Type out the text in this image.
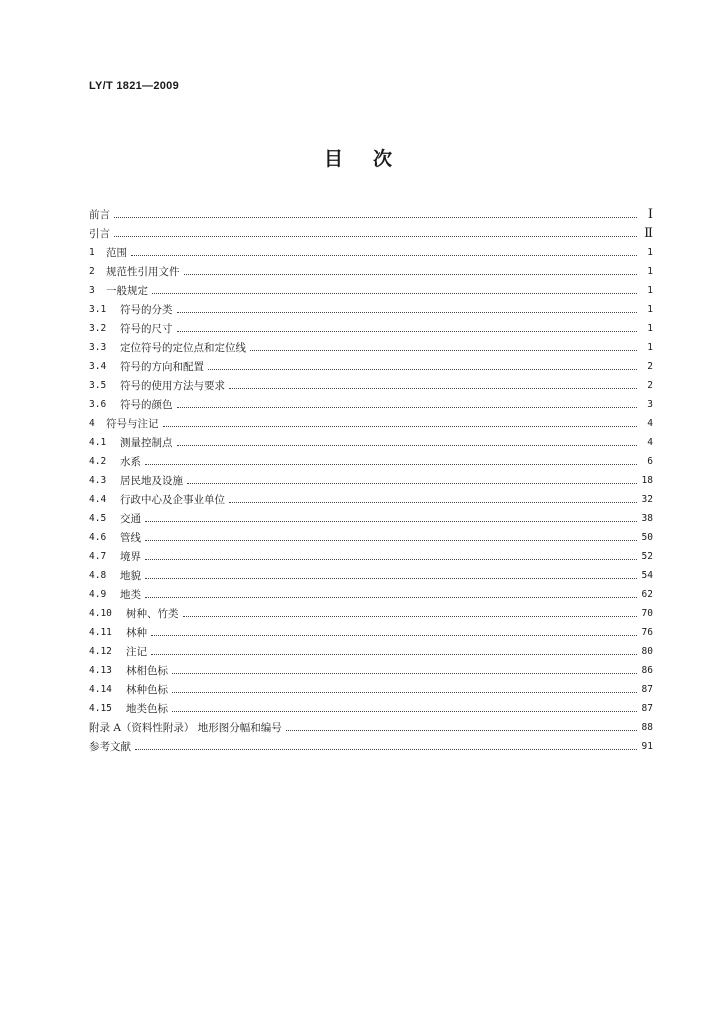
LY/T 1821—2009
目次
前言	Ⅰ
引言	Ⅱ
1	范围	1
2	规范性引用文件	1
3	一般规定	1
3.1	符号的分类	1
3.2	符号的尺寸	1
3.3	定位符号的定位点和定位线	1
3.4	符号的方向和配置	2
3.5	符号的使用方法与要求	2
3.6	符号的颜色	3
4	符号与注记	4
4.1	测量控制点	4
4.2	水系	6
4.3	居民地及设施	18
4.4	行政中心及企事业单位	32
4.5	交通	38
4.6	管线	50
4.7	境界	52
4.8	地貌	54
4.9	地类	62
4.10	树种、竹类	70
4.11	林种	76
4.12	注记	80
4.13	林相色标	86
4.14	林种色标	87
4.15	地类色标	87
附录 A（资料性附录） 地形图分幅和编号	88
参考文献	91
